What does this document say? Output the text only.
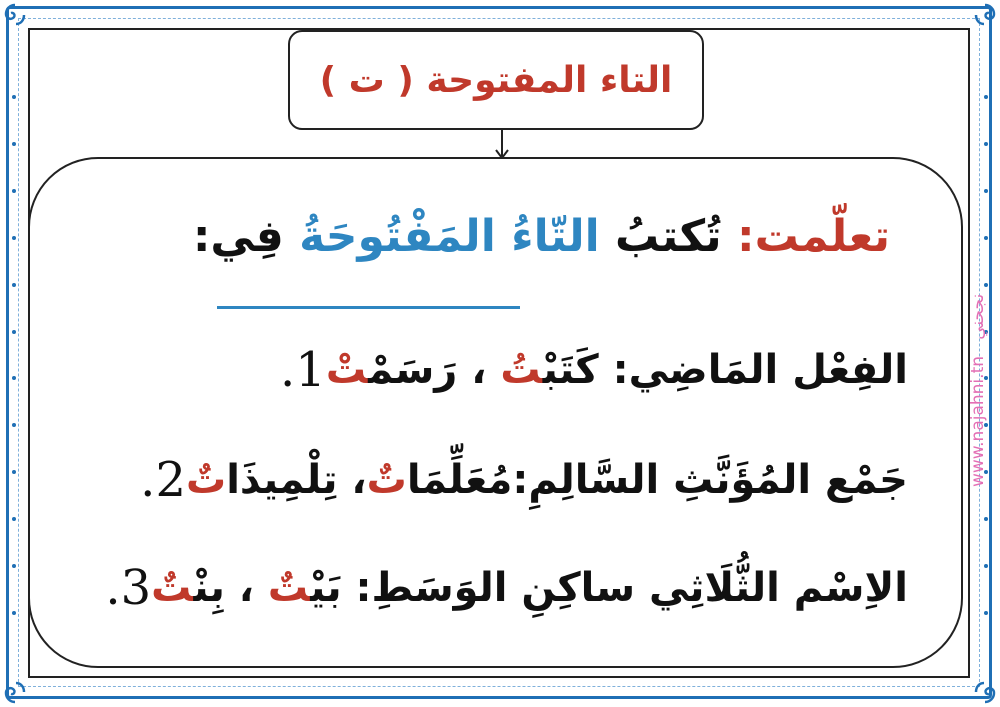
التاء المفتوحة ( ت )
تعلّمت: تُكتبُ التّاءُ المَفْتُوحَةُ فِي:
الفِعْل المَاضِي: كَتَبْتُ ، رَسَمْتْ
1.
جَمْع المُؤَنَّثِ السَّالِمِ:مُعَلِّمَاتٌ، تِلْمِيذَاتٌ
2.
الاِسْم الثُّلَاثِي ساكِنِ الوَسَطِ: بَيْتٌ ، بِنْتٌ
3.
www.najahni.tn   نجحني
